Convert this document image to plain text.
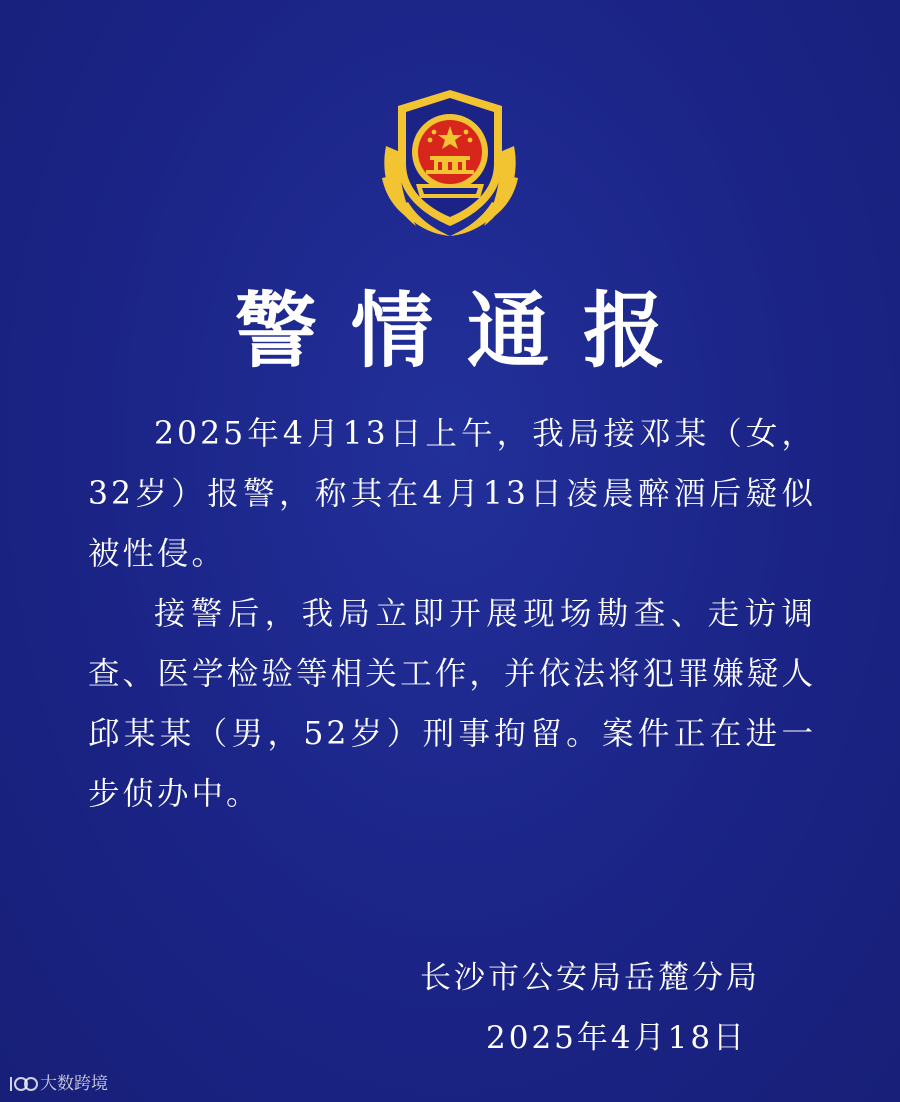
警情通报

2025年4月13日上午，我局接邓某（女，32岁）报警，称其在4月13日凌晨醉酒后疑似被性侵。

接警后，我局立即开展现场勘查、走访调查、医学检验等相关工作，并依法将犯罪嫌疑人邱某某（男，52岁）刑事拘留。案件正在进一步侦办中。

长沙市公安局岳麓分局
2025年4月18日
大数跨境
